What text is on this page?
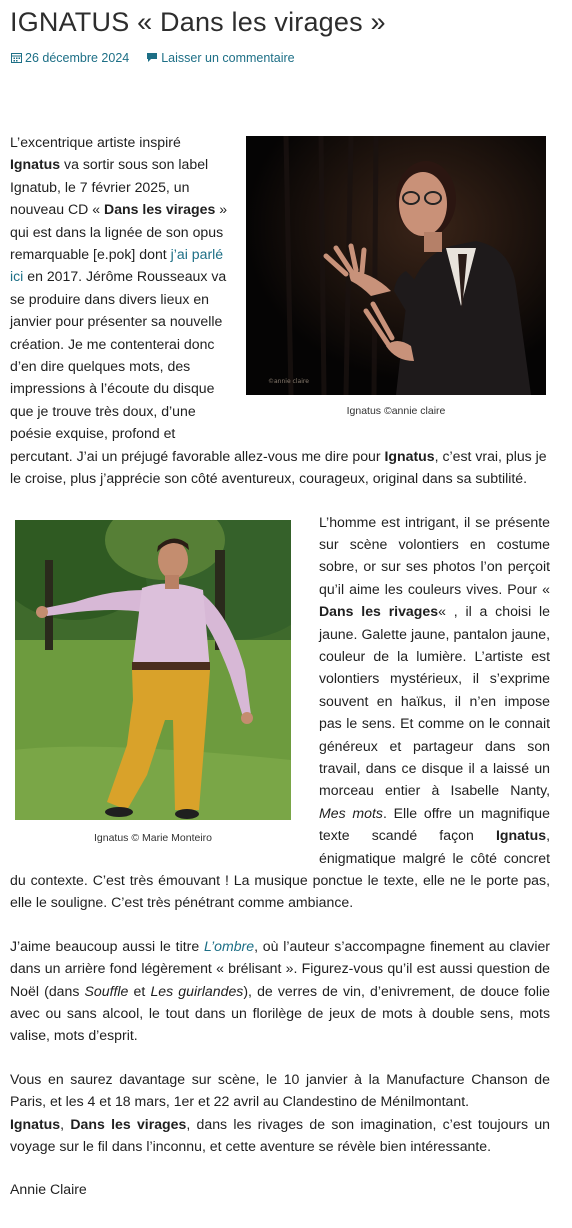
IGNATUS « Dans les virages »
26 décembre 2024	Laisser un commentaire
©annie claire
Ignatus ©annie claire

L’excentrique artiste inspiré Ignatus va sortir sous son label Ignatub, le 7 février 2025, un nouveau CD « Dans les virages » qui est dans la lignée de son opus remarquable [e.pok] dont j’ai parlé ici en 2017. Jérôme Rousseaux va se produire dans divers lieux en janvier pour présenter sa nouvelle création. Je me contenterai donc d’en dire quelques mots, des impressions à l’écoute du disque que je trouve très doux, d’une poésie exquise, profond et percutant. J’ai un préjugé favorable allez-vous me dire pour Ignatus, c’est vrai, plus je le croise, plus j’apprécie son côté aventureux, courageux, original dans sa subtilité.

Ignatus © Marie Monteiro

L’homme est intrigant, il se présente sur scène volontiers en costume sobre, or sur ses photos l’on perçoit qu’il aime les couleurs vives. Pour « Dans les rivages« , il a choisi le jaune. Galette jaune, pantalon jaune, couleur de la lumière. L’artiste est volontiers mystérieux, il s’exprime souvent en haïkus, il n’en impose pas le sens. Et comme on le connait généreux et partageur dans son travail, dans ce disque il a laissé un morceau entier à Isabelle Nanty, Mes mots. Elle offre un magnifique texte scandé façon Ignatus, énigmatique malgré le côté concret du contexte. C’est très émouvant ! La musique ponctue le texte, elle ne le porte pas, elle le souligne. C’est très pénétrant comme ambiance.

J’aime beaucoup aussi le titre L’ombre, où l’auteur s’accompagne finement au clavier dans un arrière fond légèrement « brélisant ». Figurez-vous qu’il est aussi question de Noël (dans Souffle et Les guirlandes), de verres de vin, d’enivrement, de douce folie avec ou sans alcool, le tout dans un florilège de jeux de mots à double sens, mots valise, mots d’esprit.

Vous en saurez davantage sur scène, le 10 janvier à la Manufacture Chanson de Paris, et les 4 et 18 mars, 1er et 22 avril au Clandestino de Ménilmontant.
Ignatus, Dans les virages, dans les rivages de son imagination, c’est toujours un voyage sur le fil dans l’inconnu, et cette aventure se révèle bien intéressante.

Annie Claire
